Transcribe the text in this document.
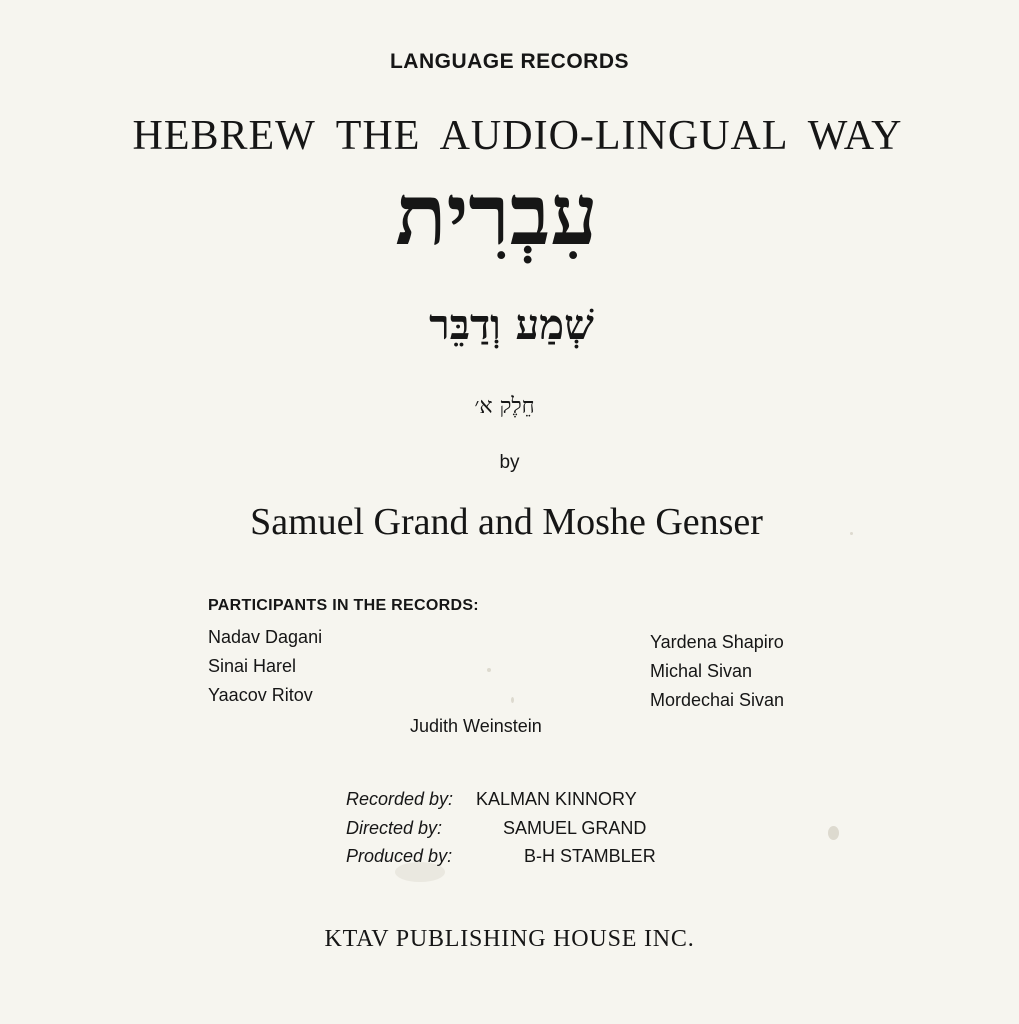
LANGUAGE RECORDS

HEBREW THE AUDIO-LINGUAL WAY

עִבְרִית

שְׁמַע וְדַבֵּר

חֵלֶק א׳

by

Samuel Grand and Moshe Genser

PARTICIPANTS IN THE RECORDS:

Nadav Dagani

Sinai Harel

Yaacov Ritov

Yardena Shapiro

Michal Sivan

Mordechai Sivan

Judith Weinstein

Recorded by: KALMAN KINNORY

Directed by:	SAMUEL GRAND

Produced by:	B-H STAMBLER

KTAV PUBLISHING HOUSE INC.
